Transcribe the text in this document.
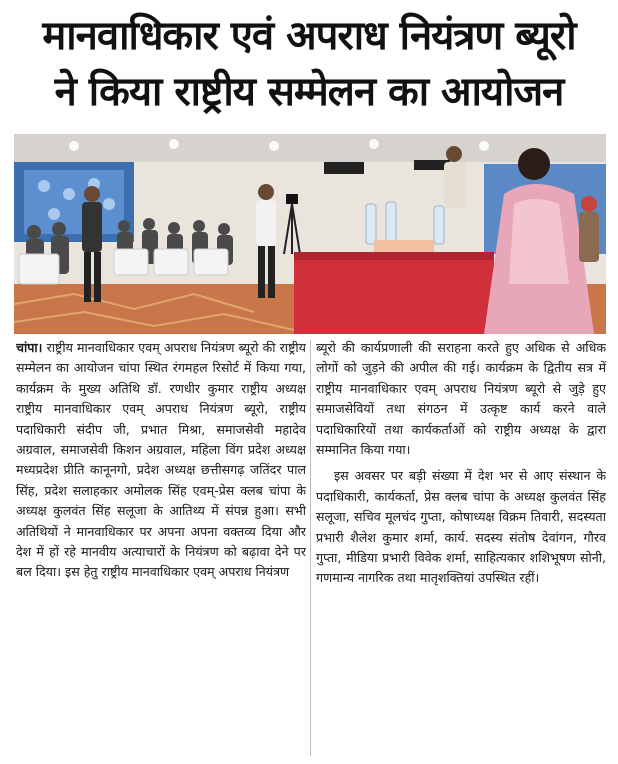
मानवाधिकार एवं अपराध नियंत्रण ब्यूरो
ने किया राष्ट्रीय सम्मेलन का आयोजन

चांपा। राष्ट्रीय मानवाधिकार एवम् अपराध नियंत्रण ब्यूरो की राष्ट्रीय सम्मेलन का आयोजन चांपा स्थित रंगमहल रिसोर्ट में किया गया, कार्यक्रम के मुख्य अतिथि डॉ. रणधीर कुमार राष्ट्रीय अध्यक्ष राष्ट्रीय मानवाधिकार एवम् अपराध नियंत्रण ब्यूरो, राष्ट्रीय पदाधिकारी संदीप जी, प्रभात मिश्रा, समाजसेवी महादेव अग्रवाल, समाजसेवी किशन अग्रवाल, महिला विंग प्रदेश अध्यक्ष मध्यप्रदेश प्रीति कानूनगो, प्रदेश अध्यक्ष छत्तीसगढ़ जतिंदर पाल सिंह, प्रदेश सलाहकार अमोलक सिंह एवम्-प्रेस क्लब चांपा के अध्यक्ष कुलवंत सिंह सलूजा के आतिथ्य में संपन्न हुआ। सभी अतिथियों ने मानवाधिकार पर अपना अपना वक्तव्य दिया और देश में हों रहे मानवीय अत्याचारों के नियंत्रण को बढ़ावा देने पर बल दिया। इस हेतु राष्ट्रीय मानवाधिकार एवम् अपराध नियंत्रण

ब्यूरो की कार्यप्रणाली की सराहना करते हुए अधिक से अधिक लोगों को जुड़ने की अपील की गई। कार्यक्रम के द्वितीय सत्र में राष्ट्रीय मानवाधिकार एवम् अपराध नियंत्रण ब्यूरो से जुड़े हुए समाजसेवियों तथा संगठन में उत्कृष्ट कार्य करने वाले पदाधिकारियों तथा कार्यकर्ताओं को राष्ट्रीय अध्यक्ष के द्वारा सम्मानित किया गया।

इस अवसर पर बड़ी संख्या में देश भर से आए संस्थान के पदाधिकारी, कार्यकर्ता, प्रेस क्लब चांपा के अध्यक्ष कुलवंत सिंह सलूजा, सचिव मूलचंद गुप्ता, कोषाध्यक्ष विक्रम तिवारी, सदस्यता प्रभारी शैलेश कुमार शर्मा, कार्य. सदस्य संतोष देवांगन, गौरव गुप्ता, मीडिया प्रभारी विवेक शर्मा, साहित्यकार शशिभूषण सोनी, गणमान्य नागरिक तथा मातृशक्तियां उपस्थित रहीं।
